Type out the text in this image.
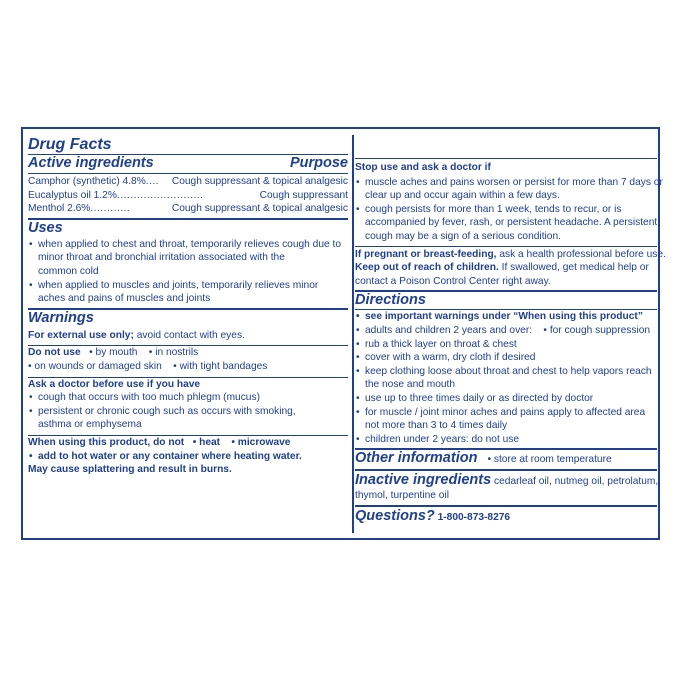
Drug Facts
Active ingredients	Purpose
Camphor (synthetic) 4.8% ....	Cough suppressant & topical analgesic
Eucalyptus oil 1.2% ..........................	Cough suppressant
Menthol 2.6% ............	Cough suppressant & topical analgesic
Uses
• when applied to chest and throat, temporarily relieves cough due to
minor throat and bronchial irritation associated with the
common cold
• when applied to muscles and joints, temporarily relieves minor
aches and pains of muscles and joints
Warnings
For external use only; avoid contact with eyes.
Do not use • by mouth • in nostrils
• on wounds or damaged skin • with tight bandages
Ask a doctor before use if you have
• cough that occurs with too much phlegm (mucus)
• persistent or chronic cough such as occurs with smoking,
asthma or emphysema
When using this product, do not • heat • microwave
• add to hot water or any container where heating water.
May cause splattering and result in burns.
Stop use and ask a doctor if
• muscle aches and pains worsen or persist for more than 7 days or
clear up and occur again within a few days.
• cough persists for more than 1 week, tends to recur, or is
accompanied by fever, rash, or persistent headache. A persistent
cough may be a sign of a serious condition.
If pregnant or breast-feeding, ask a health professional before use.
Keep out of reach of children. If swallowed, get medical help or
contact a Poison Control Center right away.
Directions
• see important warnings under “When using this product”
• adults and children 2 years and over: • for cough suppression
• rub a thick layer on throat & chest
• cover with a warm, dry cloth if desired
• keep clothing loose about throat and chest to help vapors reach
the nose and mouth
• use up to three times daily or as directed by doctor
• for muscle / joint minor aches and pains apply to affected area
not more than 3 to 4 times daily
• children under 2 years: do not use
Other information	• store at room temperature
Inactive ingredients cedarleaf oil, nutmeg oil, petrolatum,
thymol, turpentine oil
Questions? 1-800-873-8276
